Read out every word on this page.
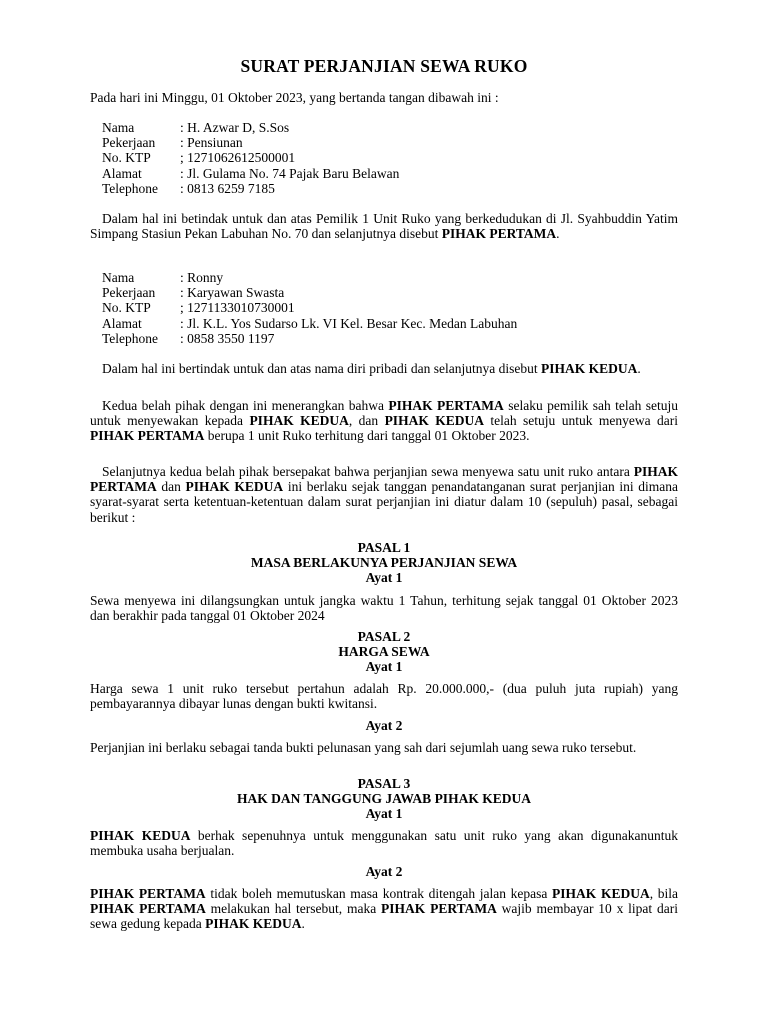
SURAT PERJANJIAN SEWA RUKO
Pada hari ini Minggu, 01 Oktober 2023, yang bertanda tangan dibawah ini :
Nama	: H. Azwar D, S.Sos
Pekerjaan	: Pensiunan
No. KTP	; 1271062612500001
Alamat	: Jl. Gulama No. 74 Pajak Baru Belawan
Telephone	: 0813 6259 7185
Dalam hal ini betindak untuk dan atas Pemilik 1 Unit Ruko yang berkedudukan di Jl. Syahbuddin Yatim Simpang Stasiun Pekan Labuhan No. 70 dan selanjutnya disebut PIHAK PERTAMA.
Nama	: Ronny
Pekerjaan	: Karyawan Swasta
No. KTP	; 1271133010730001
Alamat	: Jl. K.L. Yos Sudarso Lk. VI Kel. Besar Kec. Medan Labuhan
Telephone	: 0858 3550 1197
Dalam hal ini bertindak untuk dan atas nama diri pribadi dan selanjutnya disebut PIHAK KEDUA.
Kedua belah pihak dengan ini menerangkan bahwa PIHAK PERTAMA selaku pemilik sah telah setuju untuk menyewakan kepada PIHAK KEDUA, dan PIHAK KEDUA telah setuju untuk menyewa dari PIHAK PERTAMA berupa 1 unit Ruko terhitung dari tanggal 01 Oktober 2023.
Selanjutnya kedua belah pihak bersepakat bahwa perjanjian sewa menyewa satu unit ruko antara PIHAK PERTAMA dan PIHAK KEDUA ini berlaku sejak tanggan penandatanganan surat perjanjian ini dimana syarat-syarat serta ketentuan-ketentuan dalam surat perjanjian ini diatur dalam 10 (sepuluh) pasal, sebagai berikut :
PASAL 1
MASA BERLAKUNYA PERJANJIAN SEWA
Ayat 1
Sewa menyewa ini dilangsungkan untuk jangka waktu 1 Tahun, terhitung sejak tanggal 01 Oktober 2023 dan berakhir pada tanggal 01 Oktober 2024
PASAL 2
HARGA SEWA
Ayat 1
Harga sewa 1 unit ruko tersebut pertahun adalah Rp. 20.000.000,- (dua puluh juta rupiah) yang pembayarannya dibayar lunas dengan bukti kwitansi.
Ayat 2
Perjanjian ini berlaku sebagai tanda bukti pelunasan yang sah dari sejumlah uang sewa ruko tersebut.
PASAL 3
HAK DAN TANGGUNG JAWAB PIHAK KEDUA
Ayat 1
PIHAK KEDUA berhak sepenuhnya untuk menggunakan satu unit ruko yang akan digunakanuntuk membuka usaha berjualan.
Ayat 2
PIHAK PERTAMA tidak boleh memutuskan masa kontrak ditengah jalan kepasa PIHAK KEDUA, bila PIHAK PERTAMA melakukan hal tersebut, maka PIHAK PERTAMA wajib membayar 10 x lipat dari sewa gedung kepada PIHAK KEDUA.
